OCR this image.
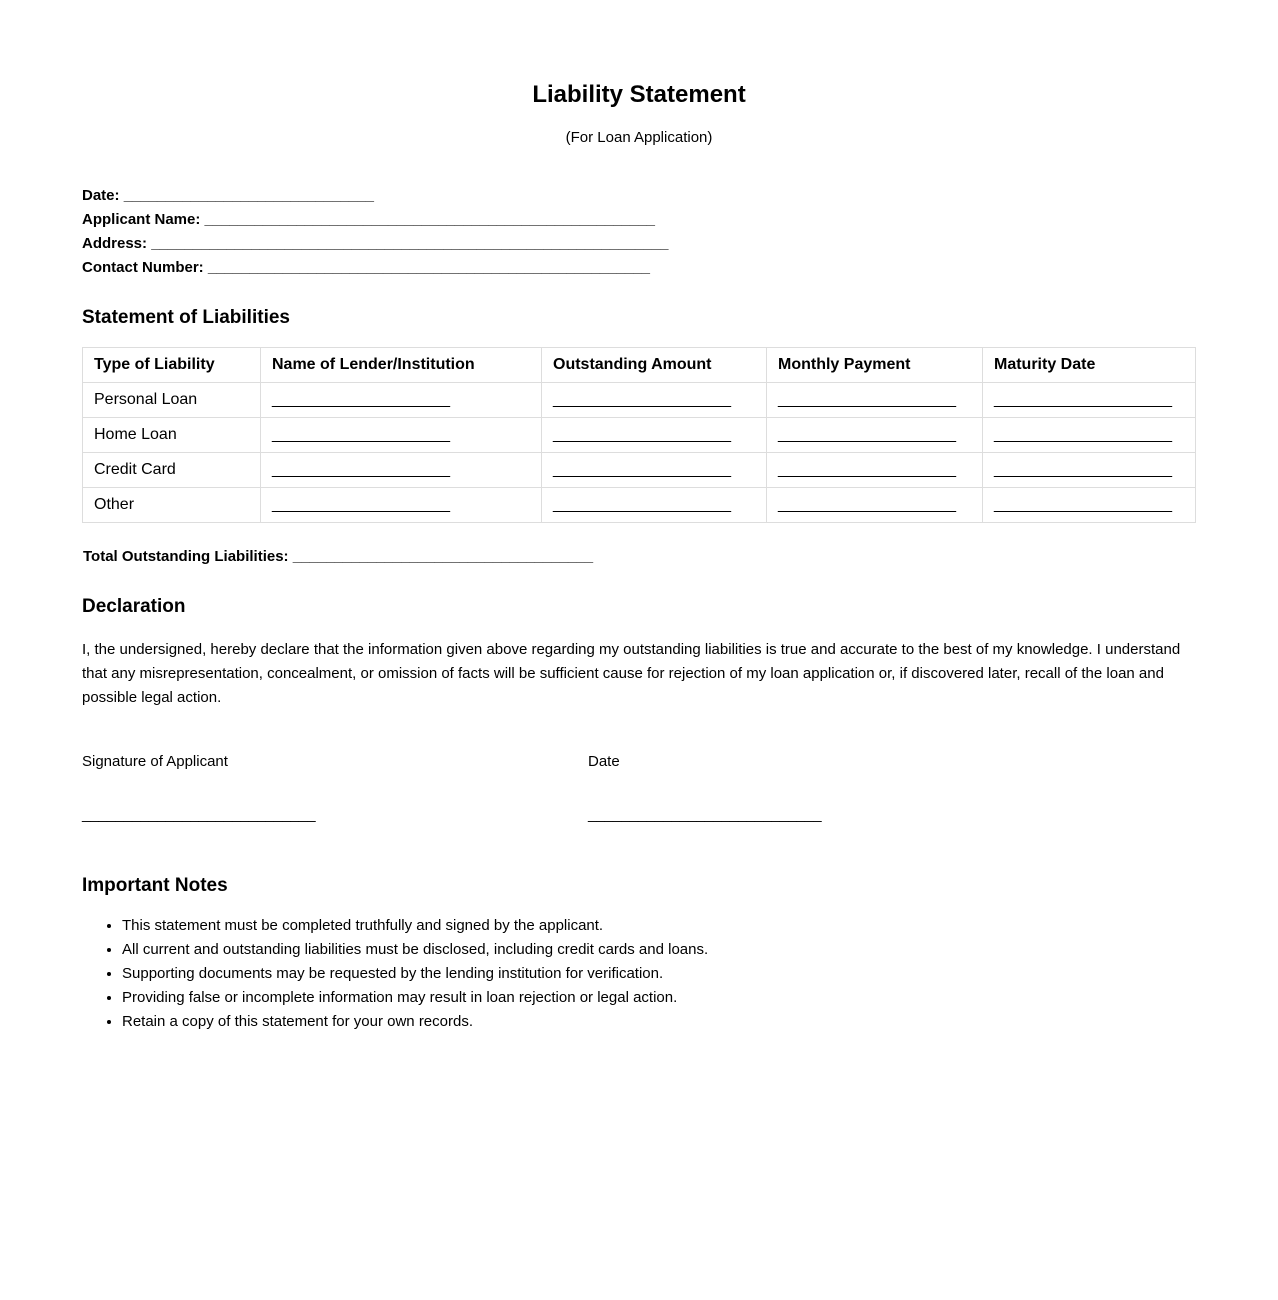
Liability Statement

(For Loan Application)

Date: ______________________________
Applicant Name: ______________________________________________________
Address: ______________________________________________________________
Contact Number: _____________________________________________________
Statement of Liabilities
Type of Liability	Name of Lender/Institution	Outstanding Amount	Monthly Payment	Maturity Date
Personal Loan	____________________	____________________	____________________	____________________
Home Loan	____________________	____________________	____________________	____________________
Credit Card	____________________	____________________	____________________	____________________
Other	____________________	____________________	____________________	____________________
Total Outstanding Liabilities: ____________________________________
Declaration

I, the undersigned, hereby declare that the information given above regarding my outstanding liabilities is true and accurate to the best of my knowledge. I understand that any misrepresentation, concealment, or omission of facts will be sufficient cause for rejection of my loan application or, if discovered later, recall of the loan and possible legal action.

Signature of Applicant	Date
____________________________	____________________________
Important Notes
• This statement must be completed truthfully and signed by the applicant.
• All current and outstanding liabilities must be disclosed, including credit cards and loans.
• Supporting documents may be requested by the lending institution for verification.
• Providing false or incomplete information may result in loan rejection or legal action.
• Retain a copy of this statement for your own records.
